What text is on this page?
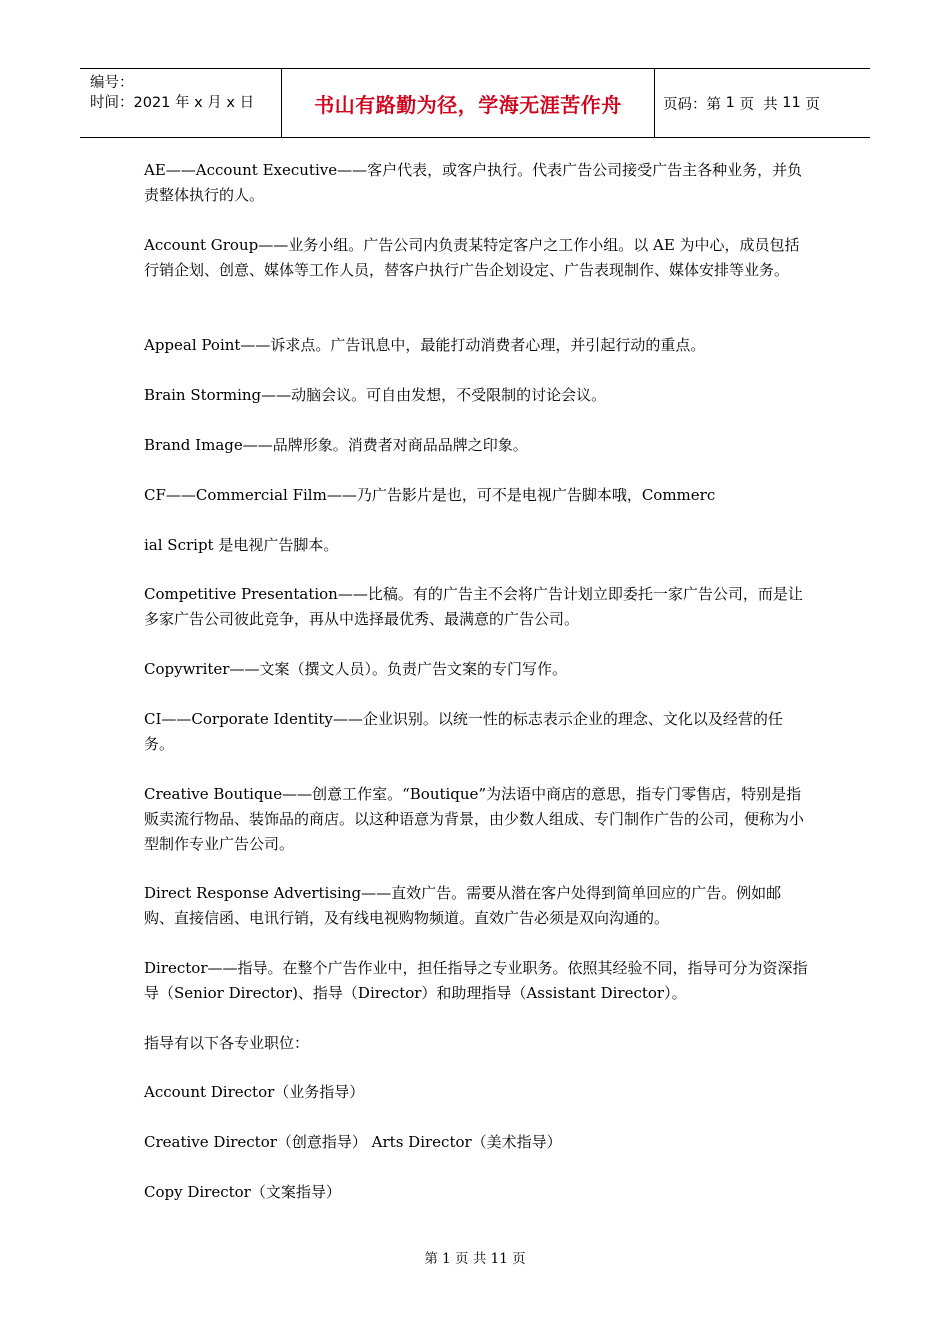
编号：
时间：2021 年 x 月 x 日	书山有路勤为径，学海无涯苦作舟	页码：第 1 页  共 11 页

AE——Account Executive——客户代表，或客户执行。代表广告公司接受广告主各种业务，并负责整体执行的人。

Account Group——业务小组。广告公司内负责某特定客户之工作小组。以 AE 为中心，成员包括行销企划、创意、媒体等工作人员，替客户执行广告企划设定、广告表现制作、媒体安排等业务。

Appeal Point——诉求点。广告讯息中，最能打动消费者心理，并引起行动的重点。

Brain Storming——动脑会议。可自由发想，不受限制的讨论会议。

Brand Image——品牌形象。消费者对商品品牌之印象。

CF——Commercial Film——乃广告影片是也，可不是电视广告脚本哦，Commerc

ial Script 是电视广告脚本。

Competitive Presentation——比稿。有的广告主不会将广告计划立即委托一家广告公司，而是让多家广告公司彼此竞争，再从中选择最优秀、最满意的广告公司。

Copywriter——文案（撰文人员）。负责广告文案的专门写作。

CI——Corporate Identity——企业识别。以统一性的标志表示企业的理念、文化以及经营的任务。

Creative Boutique——创意工作室。“Boutique”为法语中商店的意思，指专门零售店，特别是指贩卖流行物品、装饰品的商店。以这种语意为背景，由少数人组成、专门制作广告的公司，便称为小型制作专业广告公司。

Direct Response Advertising——直效广告。需要从潜在客户处得到简单回应的广告。例如邮购、直接信函、电讯行销，及有线电视购物频道。直效广告必须是双向沟通的。

Director——指导。在整个广告作业中，担任指导之专业职务。依照其经验不同，指导可分为资深指导（Senior Director)、指导（Director）和助理指导（Assistant Director）。

指导有以下各专业职位：

Account Director（业务指导）

Creative Director（创意指导） Arts Director（美术指导）

Copy Director（文案指导）

第 1 页 共 11 页
